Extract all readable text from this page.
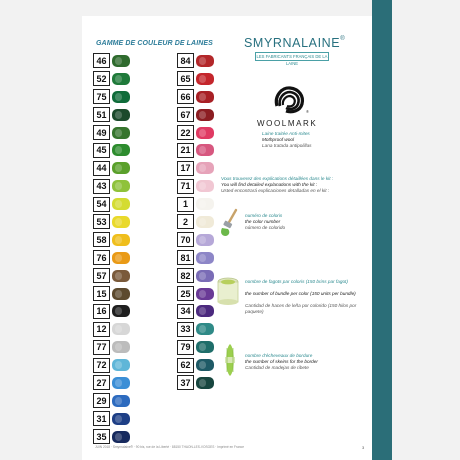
GAMME DE COULEUR DE LAINES
46
52
75
51
49
45
44
43
54
53
58
76
57
15
16
12
77
72
27
29
31
35
84
65
66
67
22
21
17
71
1
2
70
81
82
25
34
33
79
62
37
SMYRNALAINE®
LES FABRICANTS FRANÇAIS DE LA LAINE
®
WOOLMARK
Laine traitée Anti-mites
Mothproof wool
Lana tratada antipolillas
Vous trouverez des explications détaillées dans le kit :
You will find detailed explanations with the kit :
Usted encontrará explicaciones detalladas en el kit :
numéro de coloris
the color number
número de colorido
nombre de fagots par coloris (150 brins par fagot)
the number of bundle per color (150 units per bundle)
Cantidad de haces de leña por colorido (150 hilos por paquete)
nombre d'écheveaux de bordure
the number of skeins for the border
Cantidad de madejas de ribete
JUIN 2018 · Smyrnalaine® · 90 bis, rue de la Liberté · 88150 THAON-LES-VOSGES · Imprimé en France	3
